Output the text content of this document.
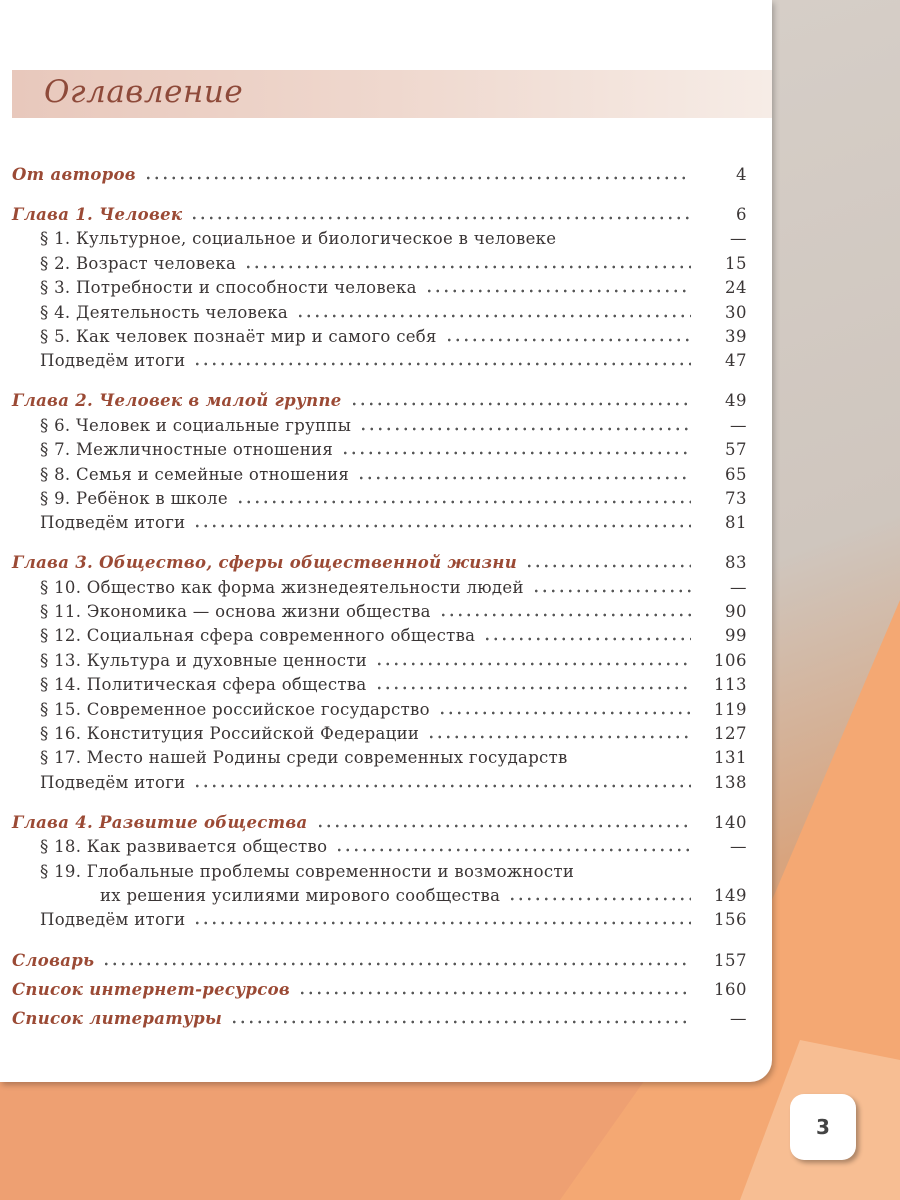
Оглавление
От авторов	4
Глава 1. Человек	6
§ 1. Культурное, социальное и биологическое в человеке	—
§ 2. Возраст человека	15
§ 3. Потребности и способности человека	24
§ 4. Деятельность человека	30
§ 5. Как человек познаёт мир и самого себя	39
Подведём итоги	47
Глава 2. Человек в малой группе	49
§ 6. Человек и социальные группы	—
§ 7. Межличностные отношения	57
§ 8. Семья и семейные отношения	65
§ 9. Ребёнок в школе	73
Подведём итоги	81
Глава 3. Общество, сферы общественной жизни	83
§ 10. Общество как форма жизнедеятельности людей	—
§ 11. Экономика — основа жизни общества	90
§ 12. Социальная сфера современного общества	99
§ 13. Культура и духовные ценности	106
§ 14. Политическая сфера общества	113
§ 15. Современное российское государство	119
§ 16. Конституция Российской Федерации	127
§ 17. Место нашей Родины среди современных государств	131
Подведём итоги	138
Глава 4. Развитие общества	140
§ 18. Как развивается общество	—
§ 19. Глобальные проблемы современности и возможности
их решения усилиями мирового сообщества	149
Подведём итоги	156
Словарь	157
Список интернет-ресурсов	160
Список литературы	—
3
